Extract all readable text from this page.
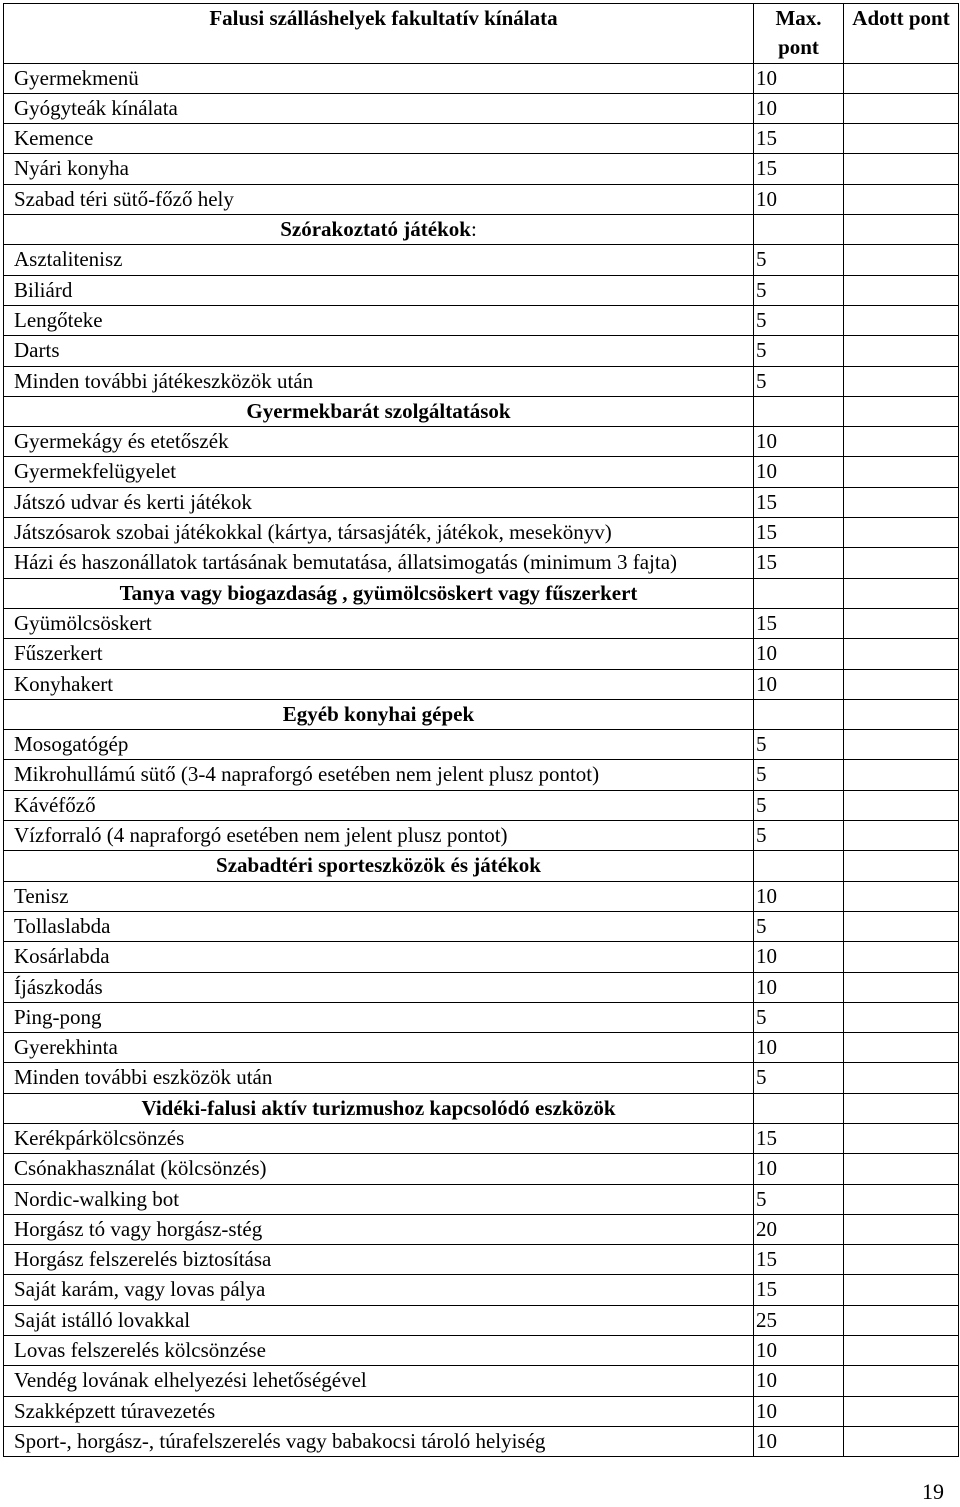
Falusi szálláshelyek fakultatív kínálata	Max. pont	Adott pont
Gyermekmenü	10	
Gyógyteák kínálata	10	
Kemence	15	
Nyári konyha	15	
Szabad téri sütő-főző hely	10	
Szórakoztató játékok:		
Asztalitenisz	5	
Biliárd	5	
Lengőteke	5	
Darts	5	
Minden további játékeszközök után	5	
Gyermekbarát szolgáltatások		
Gyermekágy és etetőszék	10	
Gyermekfelügyelet	10	
Játszó udvar és kerti játékok	15	
Játszósarok szobai játékokkal (kártya, társasjáték, játékok, mesekönyv)	15	
Házi és haszonállatok tartásának bemutatása, állatsimogatás (minimum 3 fajta)	15	
Tanya vagy biogazdaság , gyümölcsöskert vagy fűszerkert		
Gyümölcsöskert	15	
Fűszerkert	10	
Konyhakert	10	
Egyéb konyhai gépek		
Mosogatógép	5	
Mikrohullámú sütő (3-4 napraforgó esetében nem jelent plusz pontot)	5	
Kávéfőző	5	
Vízforraló (4 napraforgó esetében nem jelent plusz pontot)	5	
Szabadtéri sporteszközök és játékok		
Tenisz	10	
Tollaslabda	5	
Kosárlabda	10	
Íjászkodás	10	
Ping-pong	5	
Gyerekhinta	10	
Minden további eszközök után	5	
Vidéki-falusi aktív turizmushoz kapcsolódó eszközök		
Kerékpárkölcsönzés	15	
Csónakhasználat (kölcsönzés)	10	
Nordic-walking bot	5	
Horgász tó vagy horgász-stég	20	
Horgász felszerelés biztosítása	15	
Saját karám, vagy lovas pálya	15	
Saját istálló lovakkal	25	
Lovas felszerelés kölcsönzése	10	
Vendég lovának elhelyezési lehetőségével	10	
Szakképzett túravezetés	10	
Sport-, horgász-, túrafelszerelés vagy babakocsi tároló helyiség	10	
19
